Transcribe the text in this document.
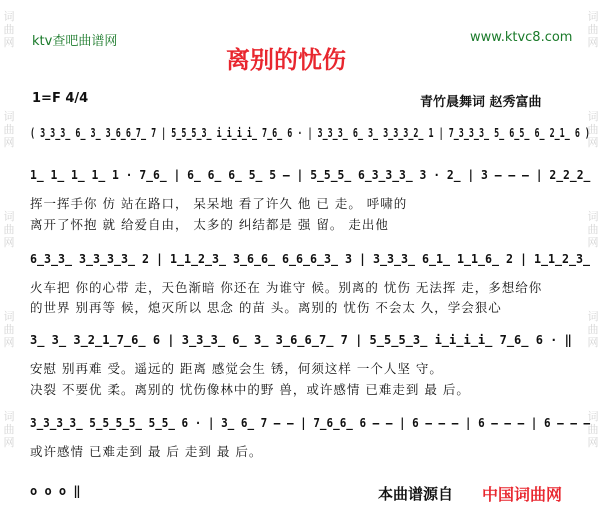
词曲网
词曲网
词曲网
词曲网
词曲网
词曲网
词曲网
词曲网
词曲网
词曲网
ktv查吧曲谱网	www.ktvc8.com
离别的忧伤
1=F 4/4	青竹晨舞词 赵秀富曲
( 3̲3̲3̲ 6̲ 3̲ 3̲6̲6̲7̲ 7 | 5̲5̲5̲3̲ i̲i̲i̲i̲ 7̲6̲ 6 · | 3̲3̲3̲ 6̲ 3̲ 3̲3̲3̲2̲ 1 | 7̲3̲3̲3̲ 5̲ 6̲5̲ 6̲ 2̲1̲ 6 )
1̲ 1̲ 1̲ 1̲ 1 · 7̲6̲ | 6̲ 6̲ 6̲ 5̲ 5 – | 5̲5̲5̲ 6̲3̲3̲3̲ 3 · 2̲ | 3 – – – | 2̲2̲2̲
挥一挥手你 仿 站在路口， 呆呆地 看了许久 他 已 走。 呼啸的
离开了怀抱 就 给爱自由， 太多的 纠结都是 强 留。 走出他
6̲3̲3̲ 3̲3̲3̲3̲ 2 | 1̲1̲2̲3̲ 3̲6̲6̲ 6̲6̲6̲3̲ 3 | 3̲3̲3̲ 6̲1̲ 1̲1̲6̲ 2 | 1̲1̲2̲3̲
火车把 你的心带 走，天色渐暗 你还在 为谁守 候。别离的 忧伤 无法挥 走，多想给你
的世界 别再等 候，熄灭所以 思念 的苗 头。离别的 忧伤 不会太 久，学会狠心
3̲ 3̲ 3̲2̲1̲7̲6̲ 6 | 3̲3̲3̲ 6̲ 3̲ 3̲6̲6̲7̲ 7 | 5̲5̲5̲3̲ i̲i̲i̲i̲ 7̲6̲ 6 · ‖
安慰 别再难 受。遥远的 距离 感觉会生 锈，何须这样 一个人坚 守。
决裂 不要优 柔。离别的 忧伤像林中的野 兽，或许感情 已难走到 最 后。
3̲3̲3̲3̲ 5̲5̲5̲5̲ 5̲5̲ 6 · | 3̲ 6̲ 7 – – | 7̲6̲6̲ 6 – – | 6 – – – | 6 – – – | 6 – – –
或许感情 已难走到 最 后 走到 最 后。
o o o ‖	本曲谱源自 中国词曲网
